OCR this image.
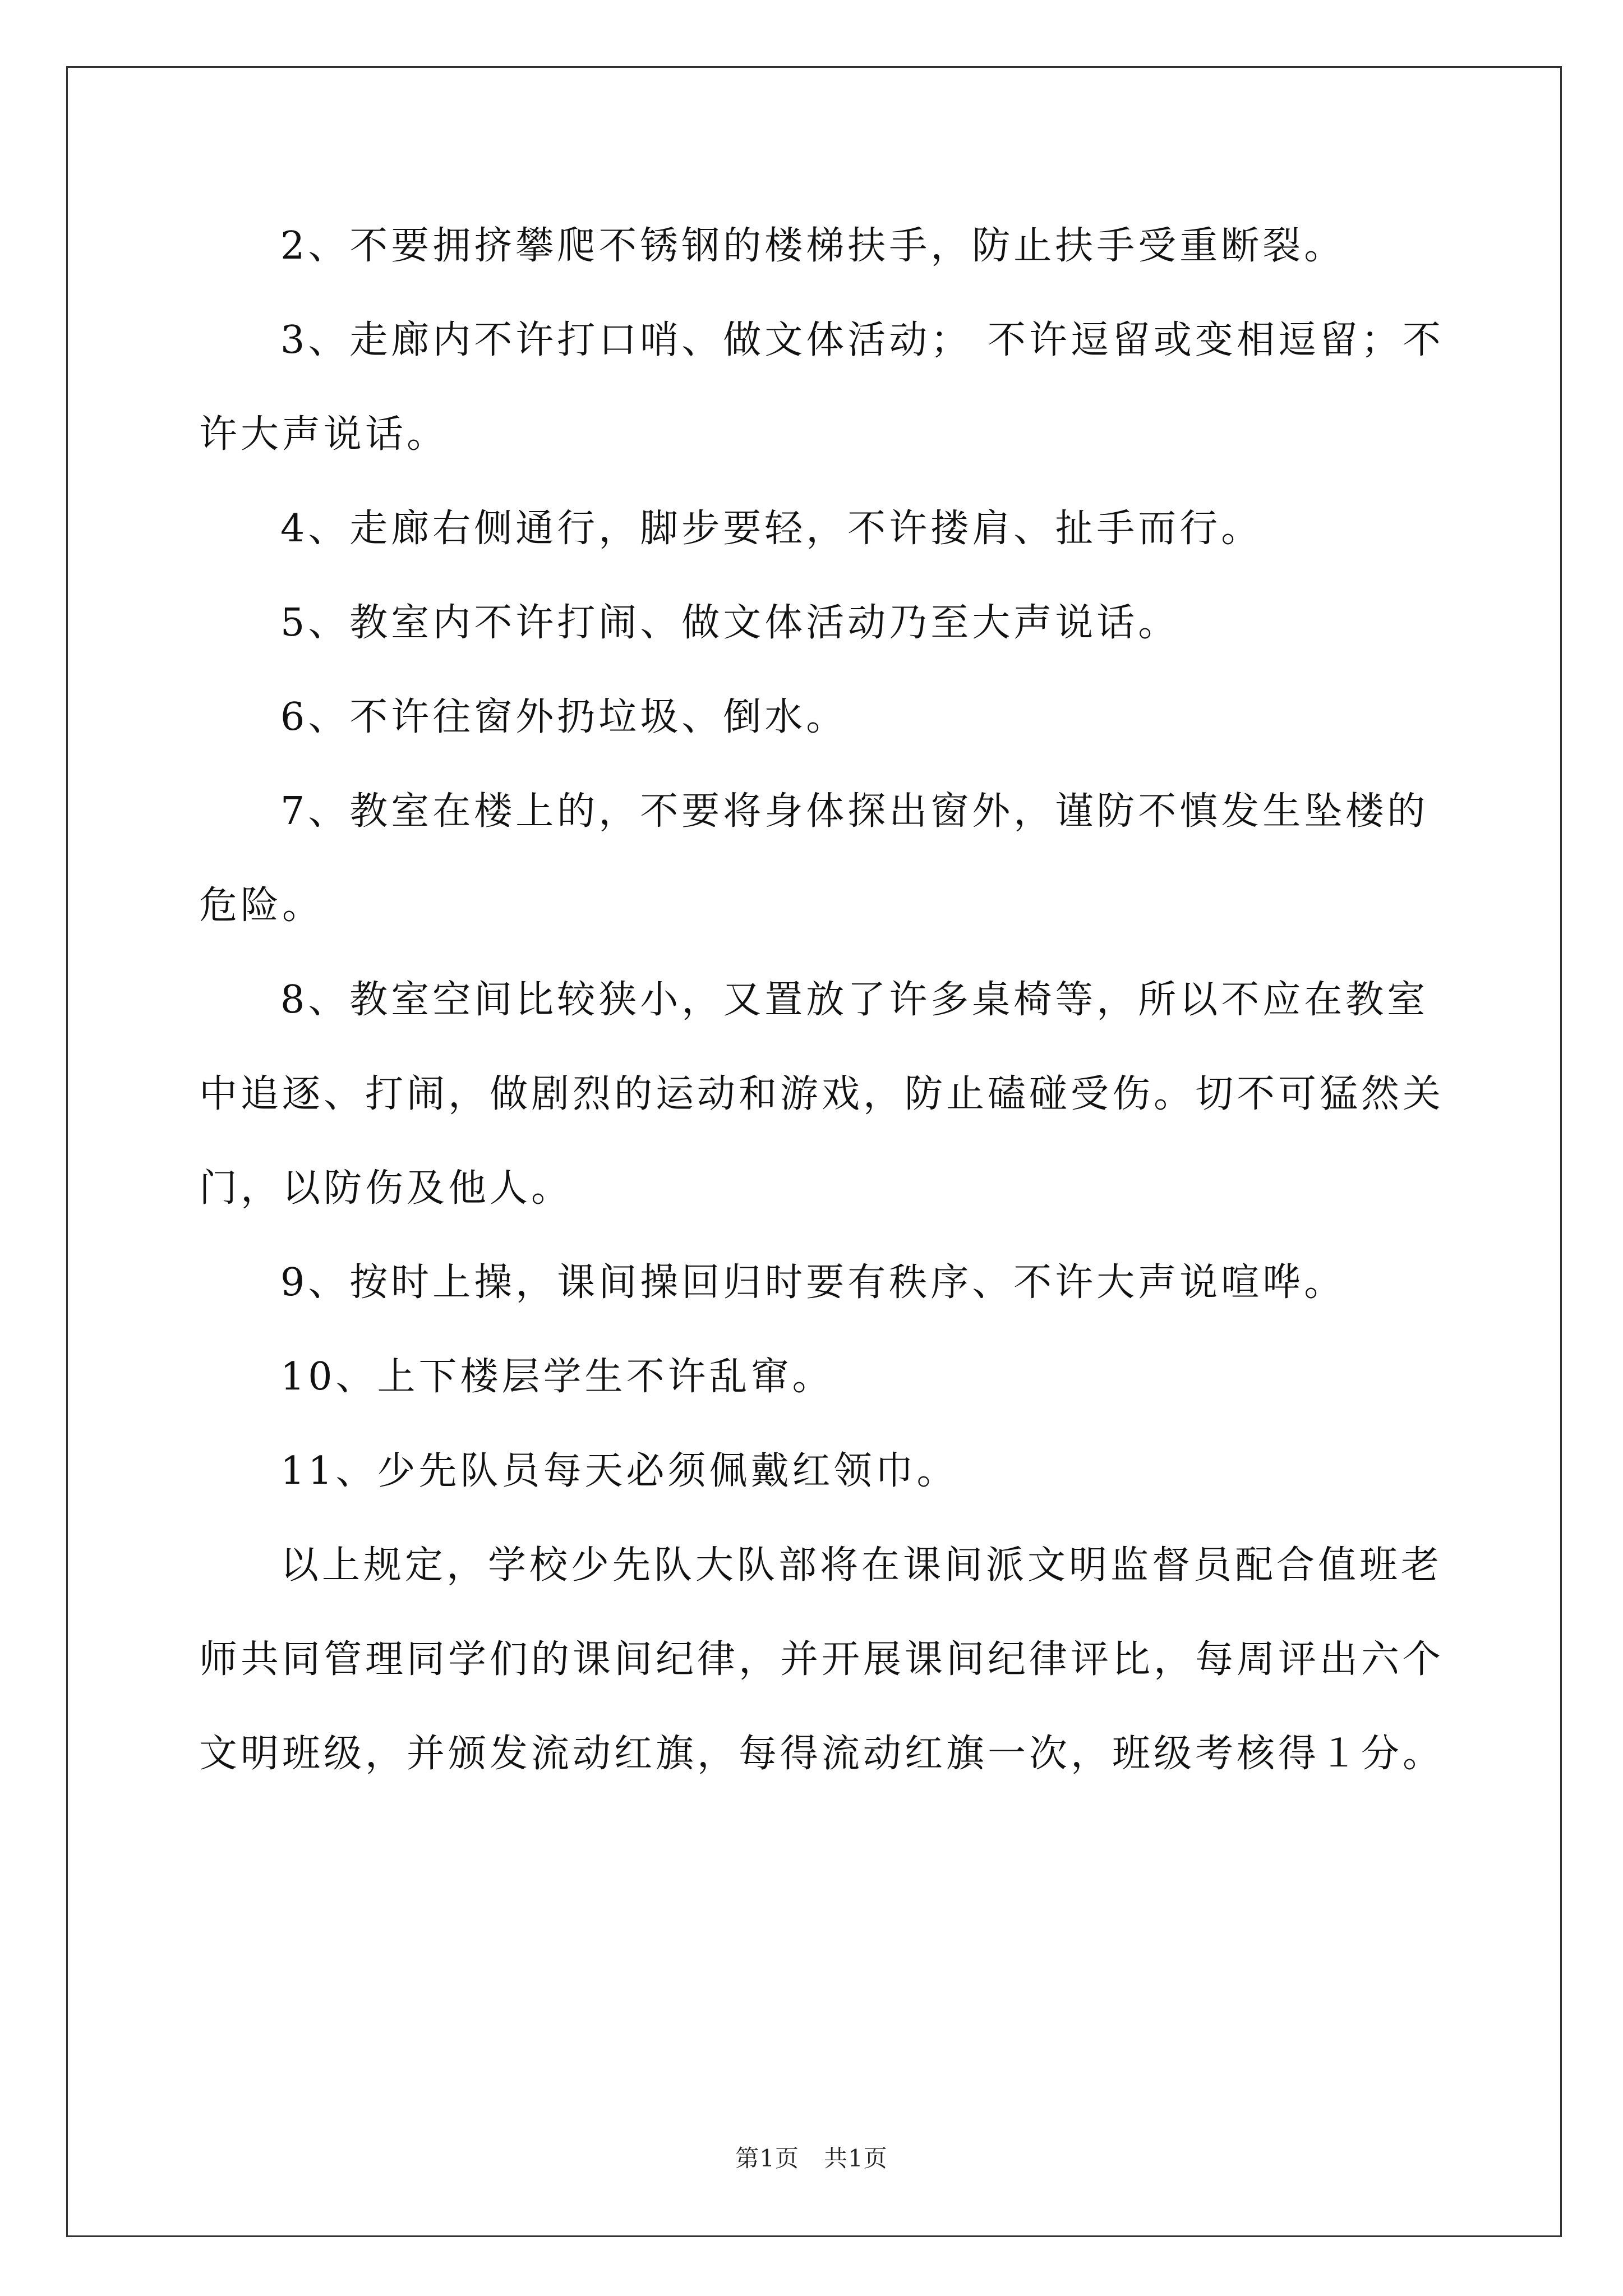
2、不要拥挤攀爬不锈钢的楼梯扶手，防止扶手受重断裂。

3、走廊内不许打口哨、做文体活动； 不许逗留或变相逗留；不许大声说话。

4、走廊右侧通行，脚步要轻，不许搂肩、扯手而行。

5、教室内不许打闹、做文体活动乃至大声说话。

6、不许往窗外扔垃圾、倒水。

7、教室在楼上的，不要将身体探出窗外，谨防不慎发生坠楼的危险。

8、教室空间比较狭小，又置放了许多桌椅等，所以不应在教室中追逐、打闹，做剧烈的运动和游戏，防止磕碰受伤。切不可猛然关门，以防伤及他人。

9、按时上操，课间操回归时要有秩序、不许大声说喧哗。

10、上下楼层学生不许乱窜。

11、少先队员每天必须佩戴红领巾。

以上规定，学校少先队大队部将在课间派文明监督员配合值班老师共同管理同学们的课间纪律，并开展课间纪律评比，每周评出六个文明班级，并颁发流动红旗，每得流动红旗一次，班级考核得１分。

第1页 共1页
